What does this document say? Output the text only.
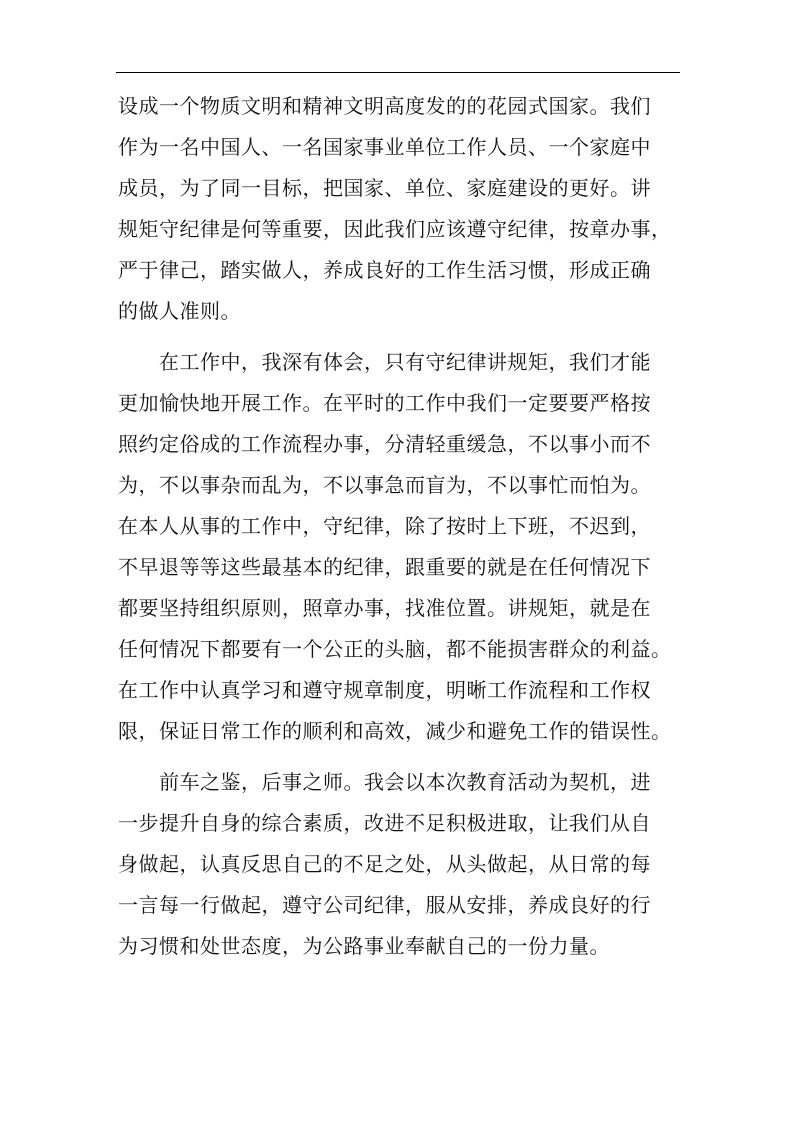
设成一个物质文明和精神文明高度发的的花园式国家。我们
作为一名中国人、一名国家事业单位工作人员、一个家庭中
成员，为了同一目标，把国家、单位、家庭建设的更好。讲
规矩守纪律是何等重要，因此我们应该遵守纪律，按章办事，
严于律己，踏实做人，养成良好的工作生活习惯，形成正确
的做人准则。
在工作中，我深有体会，只有守纪律讲规矩，我们才能
更加愉快地开展工作。在平时的工作中我们一定要要严格按
照约定俗成的工作流程办事，分清轻重缓急，不以事小而不
为，不以事杂而乱为，不以事急而盲为，不以事忙而怕为。
在本人从事的工作中，守纪律，除了按时上下班，不迟到，
不早退等等这些最基本的纪律，跟重要的就是在任何情况下
都要坚持组织原则，照章办事，找准位置。讲规矩，就是在
任何情况下都要有一个公正的头脑，都不能损害群众的利益。
在工作中认真学习和遵守规章制度，明晰工作流程和工作权
限，保证日常工作的顺利和高效，减少和避免工作的错误性。
前车之鉴，后事之师。我会以本次教育活动为契机，进
一步提升自身的综合素质，改进不足积极进取，让我们从自
身做起，认真反思自己的不足之处，从头做起，从日常的每
一言每一行做起，遵守公司纪律，服从安排，养成良好的行
为习惯和处世态度，为公路事业奉献自己的一份力量。
